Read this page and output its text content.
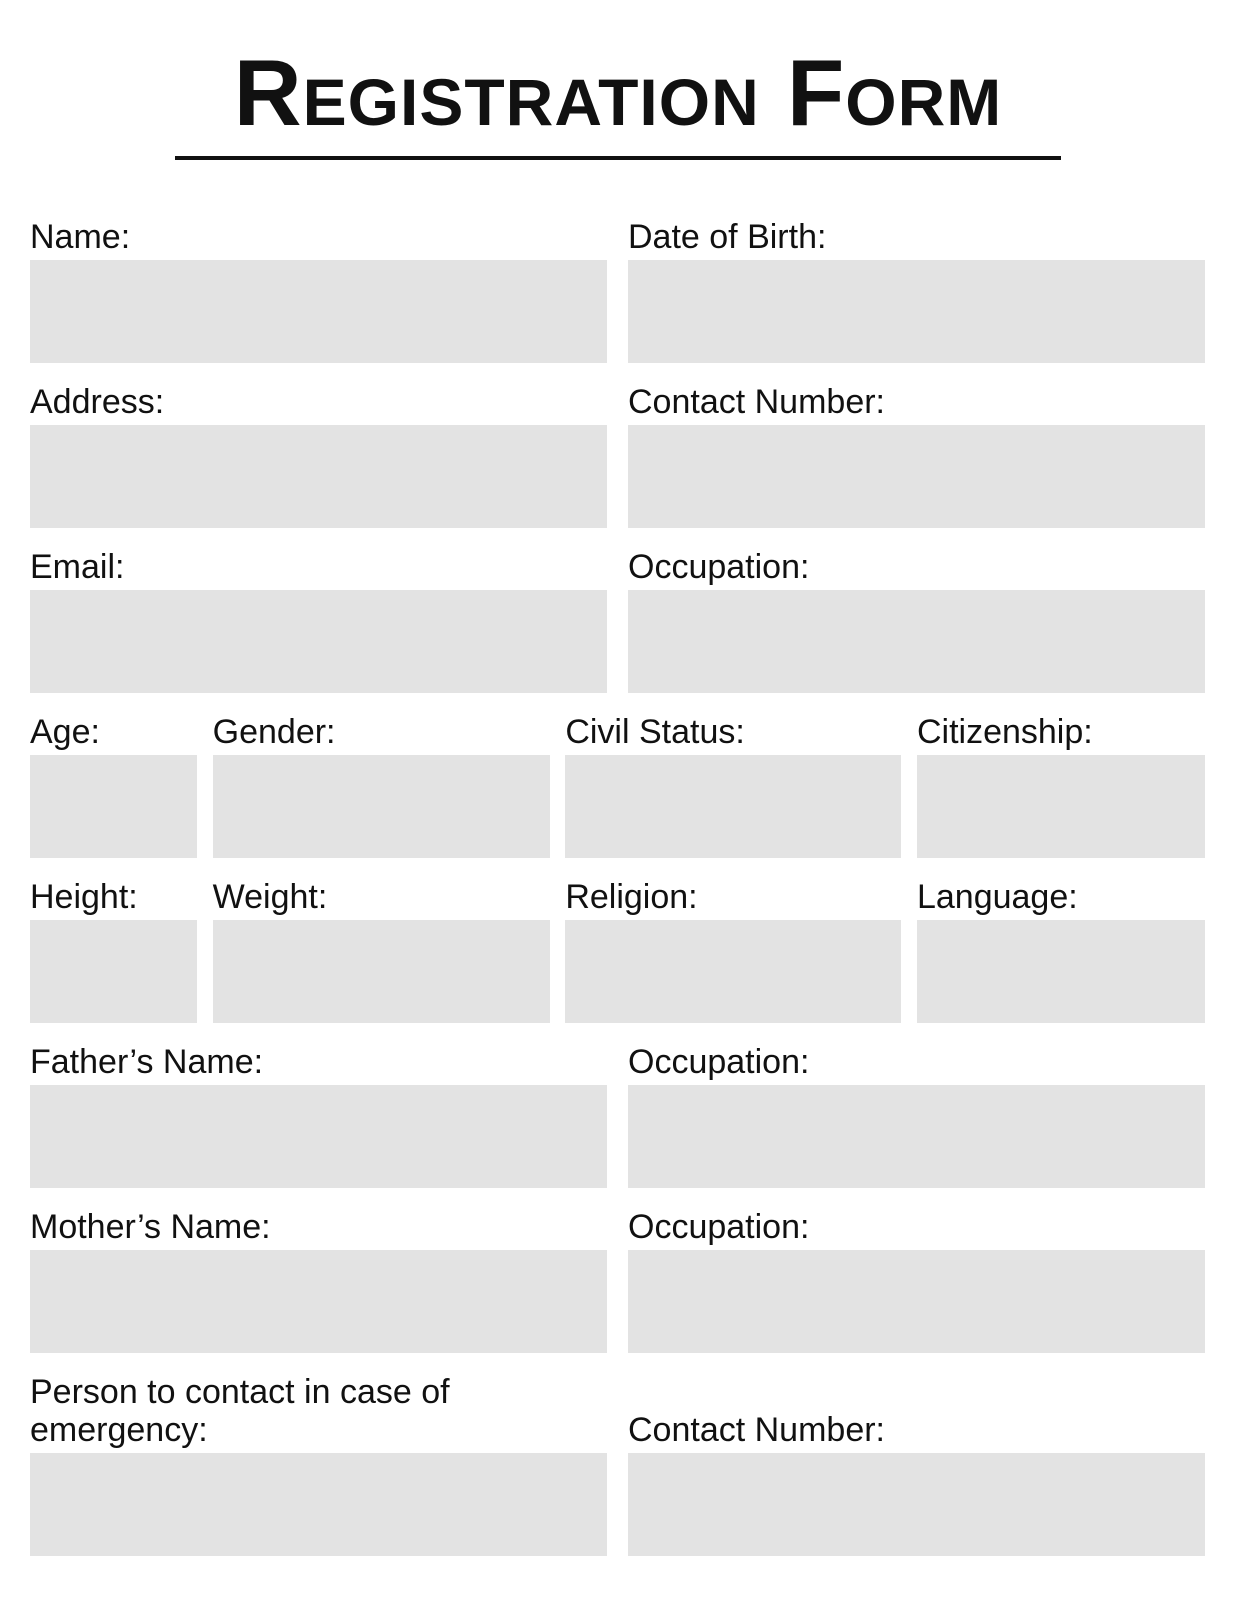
Registration Form
Name:	Date of Birth:
Address:	Contact Number:
Email:	Occupation:
Age:	Gender:	Civil Status:	Citizenship:
Height:	Weight:	Religion:	Language:
Father’s Name:	Occupation:
Mother’s Name:	Occupation:
Person to contact in case of emergency:	Contact Number:
